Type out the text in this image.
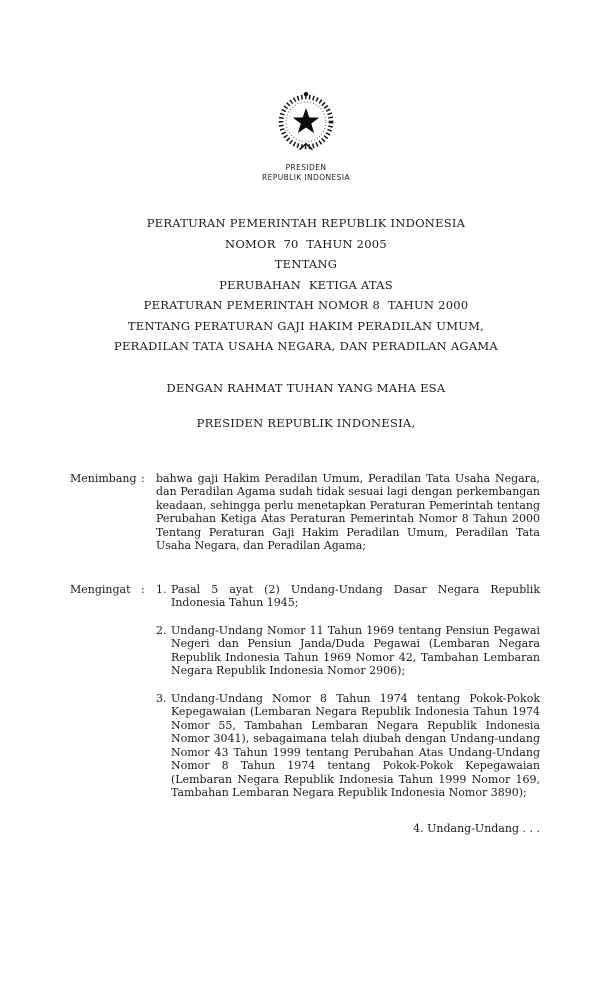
PRESIDEN
REPUBLIK INDONESIA
PERATURAN PEMERINTAH REPUBLIK INDONESIA
NOMOR  70  TAHUN 2005
TENTANG
PERUBAHAN  KETIGA ATAS
PERATURAN PEMERINTAH NOMOR 8  TAHUN 2000
TENTANG PERATURAN GAJI HAKIM PERADILAN UMUM,
PERADILAN TATA USAHA NEGARA, DAN PERADILAN AGAMA
DENGAN RAHMAT TUHAN YANG MAHA ESA
PRESIDEN REPUBLIK INDONESIA,
Menimbang :	bahwa gaji Hakim Peradilan Umum, Peradilan Tata Usaha Negara, dan Peradilan Agama sudah tidak sesuai lagi dengan perkembangan keadaan, sehingga perlu menetapkan Peraturan Pemerintah tentang Perubahan Ketiga Atas Peraturan Pemerintah Nomor 8 Tahun 2000 Tentang Peraturan Gaji Hakim Peradilan Umum, Peradilan Tata Usaha Negara, dan Peradilan Agama;
Mengingat :	1. Pasal 5 ayat (2) Undang-Undang Dasar Negara Republik Indonesia Tahun 1945;
2. Undang-Undang Nomor 11 Tahun 1969 tentang Pensiun Pegawai Negeri dan Pensiun Janda/Duda Pegawai (Lembaran Negara Republik Indonesia Tahun 1969 Nomor 42, Tambahan Lembaran Negara Republik Indonesia Nomor 2906);
3. Undang-Undang Nomor 8 Tahun 1974 tentang Pokok-Pokok Kepegawaian (Lembaran Negara Republik Indonesia Tahun 1974 Nomor 55, Tambahan Lembaran Negara Republik Indonesia Nomor 3041), sebagaimana telah diubah dengan Undang-undang Nomor 43 Tahun 1999 tentang Perubahan Atas Undang-Undang Nomor 8 Tahun 1974 tentang Pokok-Pokok Kepegawaian (Lembaran Negara Republik Indonesia Tahun 1999 Nomor 169, Tambahan Lembaran Negara Republik Indonesia Nomor 3890);
4. Undang-Undang . . .
